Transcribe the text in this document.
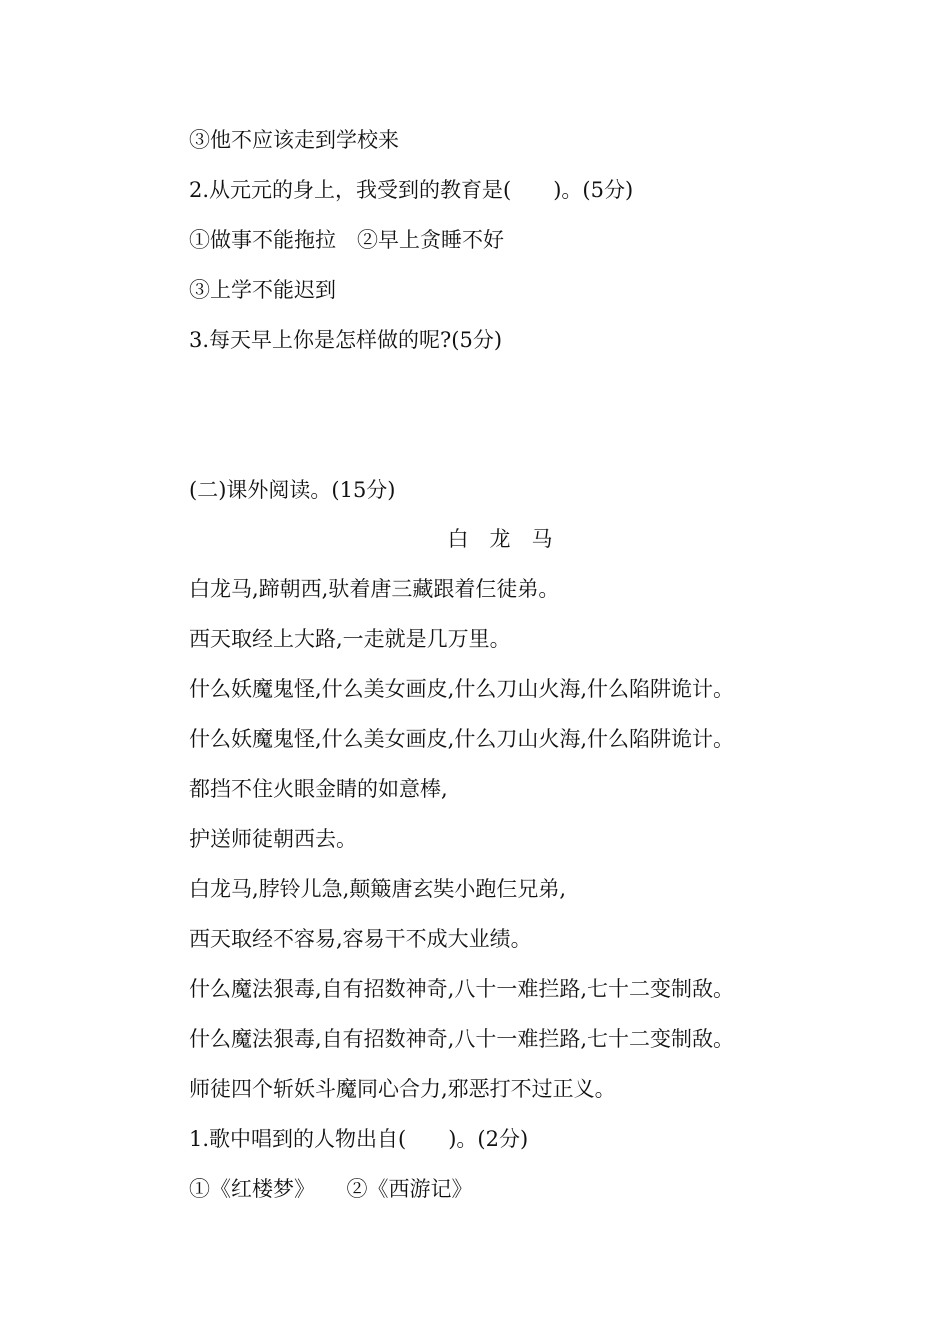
③他不应该走到学校来
2.从元元的身上，我受到的教育是(　　)。(5分)
①做事不能拖拉　②早上贪睡不好
③上学不能迟到
3.每天早上你是怎样做的呢?(5分)
(二)课外阅读。(15分)
白　龙　马
白龙马,蹄朝西,驮着唐三藏跟着仨徒弟。
西天取经上大路,一走就是几万里。
什么妖魔鬼怪,什么美女画皮,什么刀山火海,什么陷阱诡计。
什么妖魔鬼怪,什么美女画皮,什么刀山火海,什么陷阱诡计。
都挡不住火眼金睛的如意棒,
护送师徒朝西去。
白龙马,脖铃儿急,颠簸唐玄奘小跑仨兄弟,
西天取经不容易,容易干不成大业绩。
什么魔法狠毒,自有招数神奇,八十一难拦路,七十二变制敌。
什么魔法狠毒,自有招数神奇,八十一难拦路,七十二变制敌。
师徒四个斩妖斗魔同心合力,邪恶打不过正义。
1.歌中唱到的人物出自(　　)。(2分)
①《红楼梦》　　②《西游记》
